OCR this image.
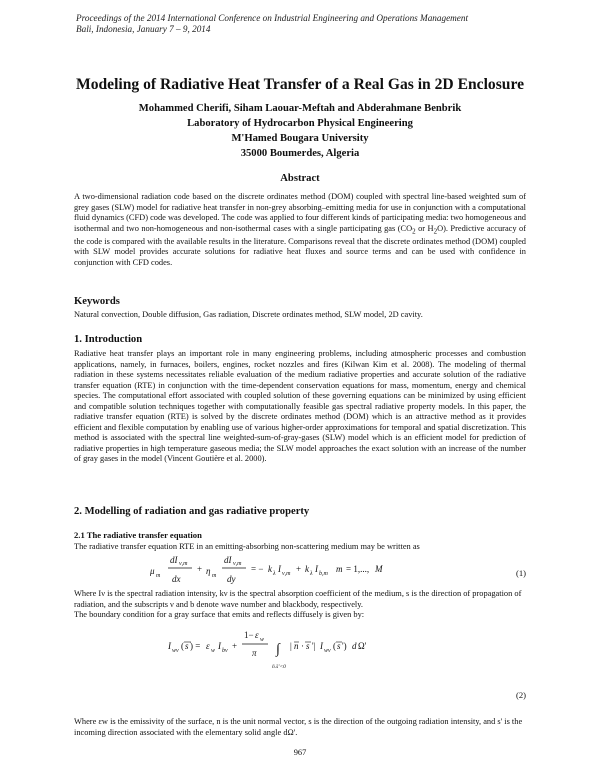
Proceedings of the 2014 International Conference on Industrial Engineering and Operations Management
Bali, Indonesia, January 7 – 9, 2014
Modeling of Radiative Heat Transfer of a Real Gas in 2D Enclosure
Mohammed Cherifi, Siham Laouar-Meftah and Abderahmane Benbrik
Laboratory of Hydrocarbon Physical Engineering
M'Hamed Bougara University
35000 Boumerdes, Algeria
Abstract
A two-dimensional radiation code based on the discrete ordinates method (DOM) coupled with spectral line-based weighted sum of grey gases (SLW) model for radiative heat transfer in non-grey absorbing–emitting media for use in conjunction with a computational fluid dynamics (CFD) code was developed. The code was applied to four different kinds of participating media: two homogeneous and isothermal and two non-homogeneous and non-isothermal cases with a single participating gas ($CO_2$ or $H_2O$). Predictive accuracy of the code is compared with the available results in the literature. Comparisons reveal that the discrete ordinates method (DOM) coupled with SLW model provides accurate solutions for radiative heat fluxes and source terms and can be used with confidence in conjunction with CFD codes.
Keywords
Natural convection, Double diffusion, Gas radiation, Discrete ordinates method, SLW model, 2D cavity.
1. Introduction
Radiative heat transfer plays an important role in many engineering problems, including atmospheric processes and combustion applications, namely, in furnaces, boilers, engines, rocket nozzles and fires (Kilwan Kim et al. 2008). The modeling of thermal radiation in these systems necessitates reliable evaluation of the medium radiative properties and accurate solution of the radiative transfer equation (RTE) in conjunction with the time-dependent conservation equations for mass, momentum, energy and chemical species. The computational effort associated with coupled solution of these governing equations can be minimized by using efficient and compatible solution techniques together with computationally feasible gas spectral radiative property models. In this paper, the radiative transfer equation (RTE) is solved by the discrete ordinates method (DOM) which is an attractive method as it provides efficient and flexible computation by enabling use of various higher-order approximations for temporal and spatial discretization. This method is associated with the spectral line weighted-sum-of-gray-gases (SLW) model which is an efficient model for prediction of radiative properties in high temperature gaseous media; the SLW model approaches the exact solution with an increase of the number of gray gases in the model (Vincent Goutière et al. 2000).
2. Modelling of radiation and gas radiative property
2.1 The radiative transfer equation
The radiative transfer equation RTE in an emitting-absorbing non-scattering medium may be written as
μ m
dI ν,m
dx
+ η m
dI ν,m
dy
= − k λ I ν,m + k λ I b,m m = 1,..., M	(1)
Where Iν is the spectral radiation intensity, kν is the spectral absorption coefficient of the medium, s is the direction of propagation of radiation, and the subscripts ν and b denote wave number and blackbody, respectively.
The boundary condition for a gray surface that emits and reflects diffusely is given by:
I wν ( s ) = ε w I bν +
1− ε w
π ∫
n̄.s̄'<0
| n · s '| I wν ( s ') d Ω'
(2)
Where εw is the emissivity of the surface, n is the unit normal vector, s is the direction of the outgoing radiation intensity, and s' is the incoming direction associated with the elementary solid angle dΩ'.
967
